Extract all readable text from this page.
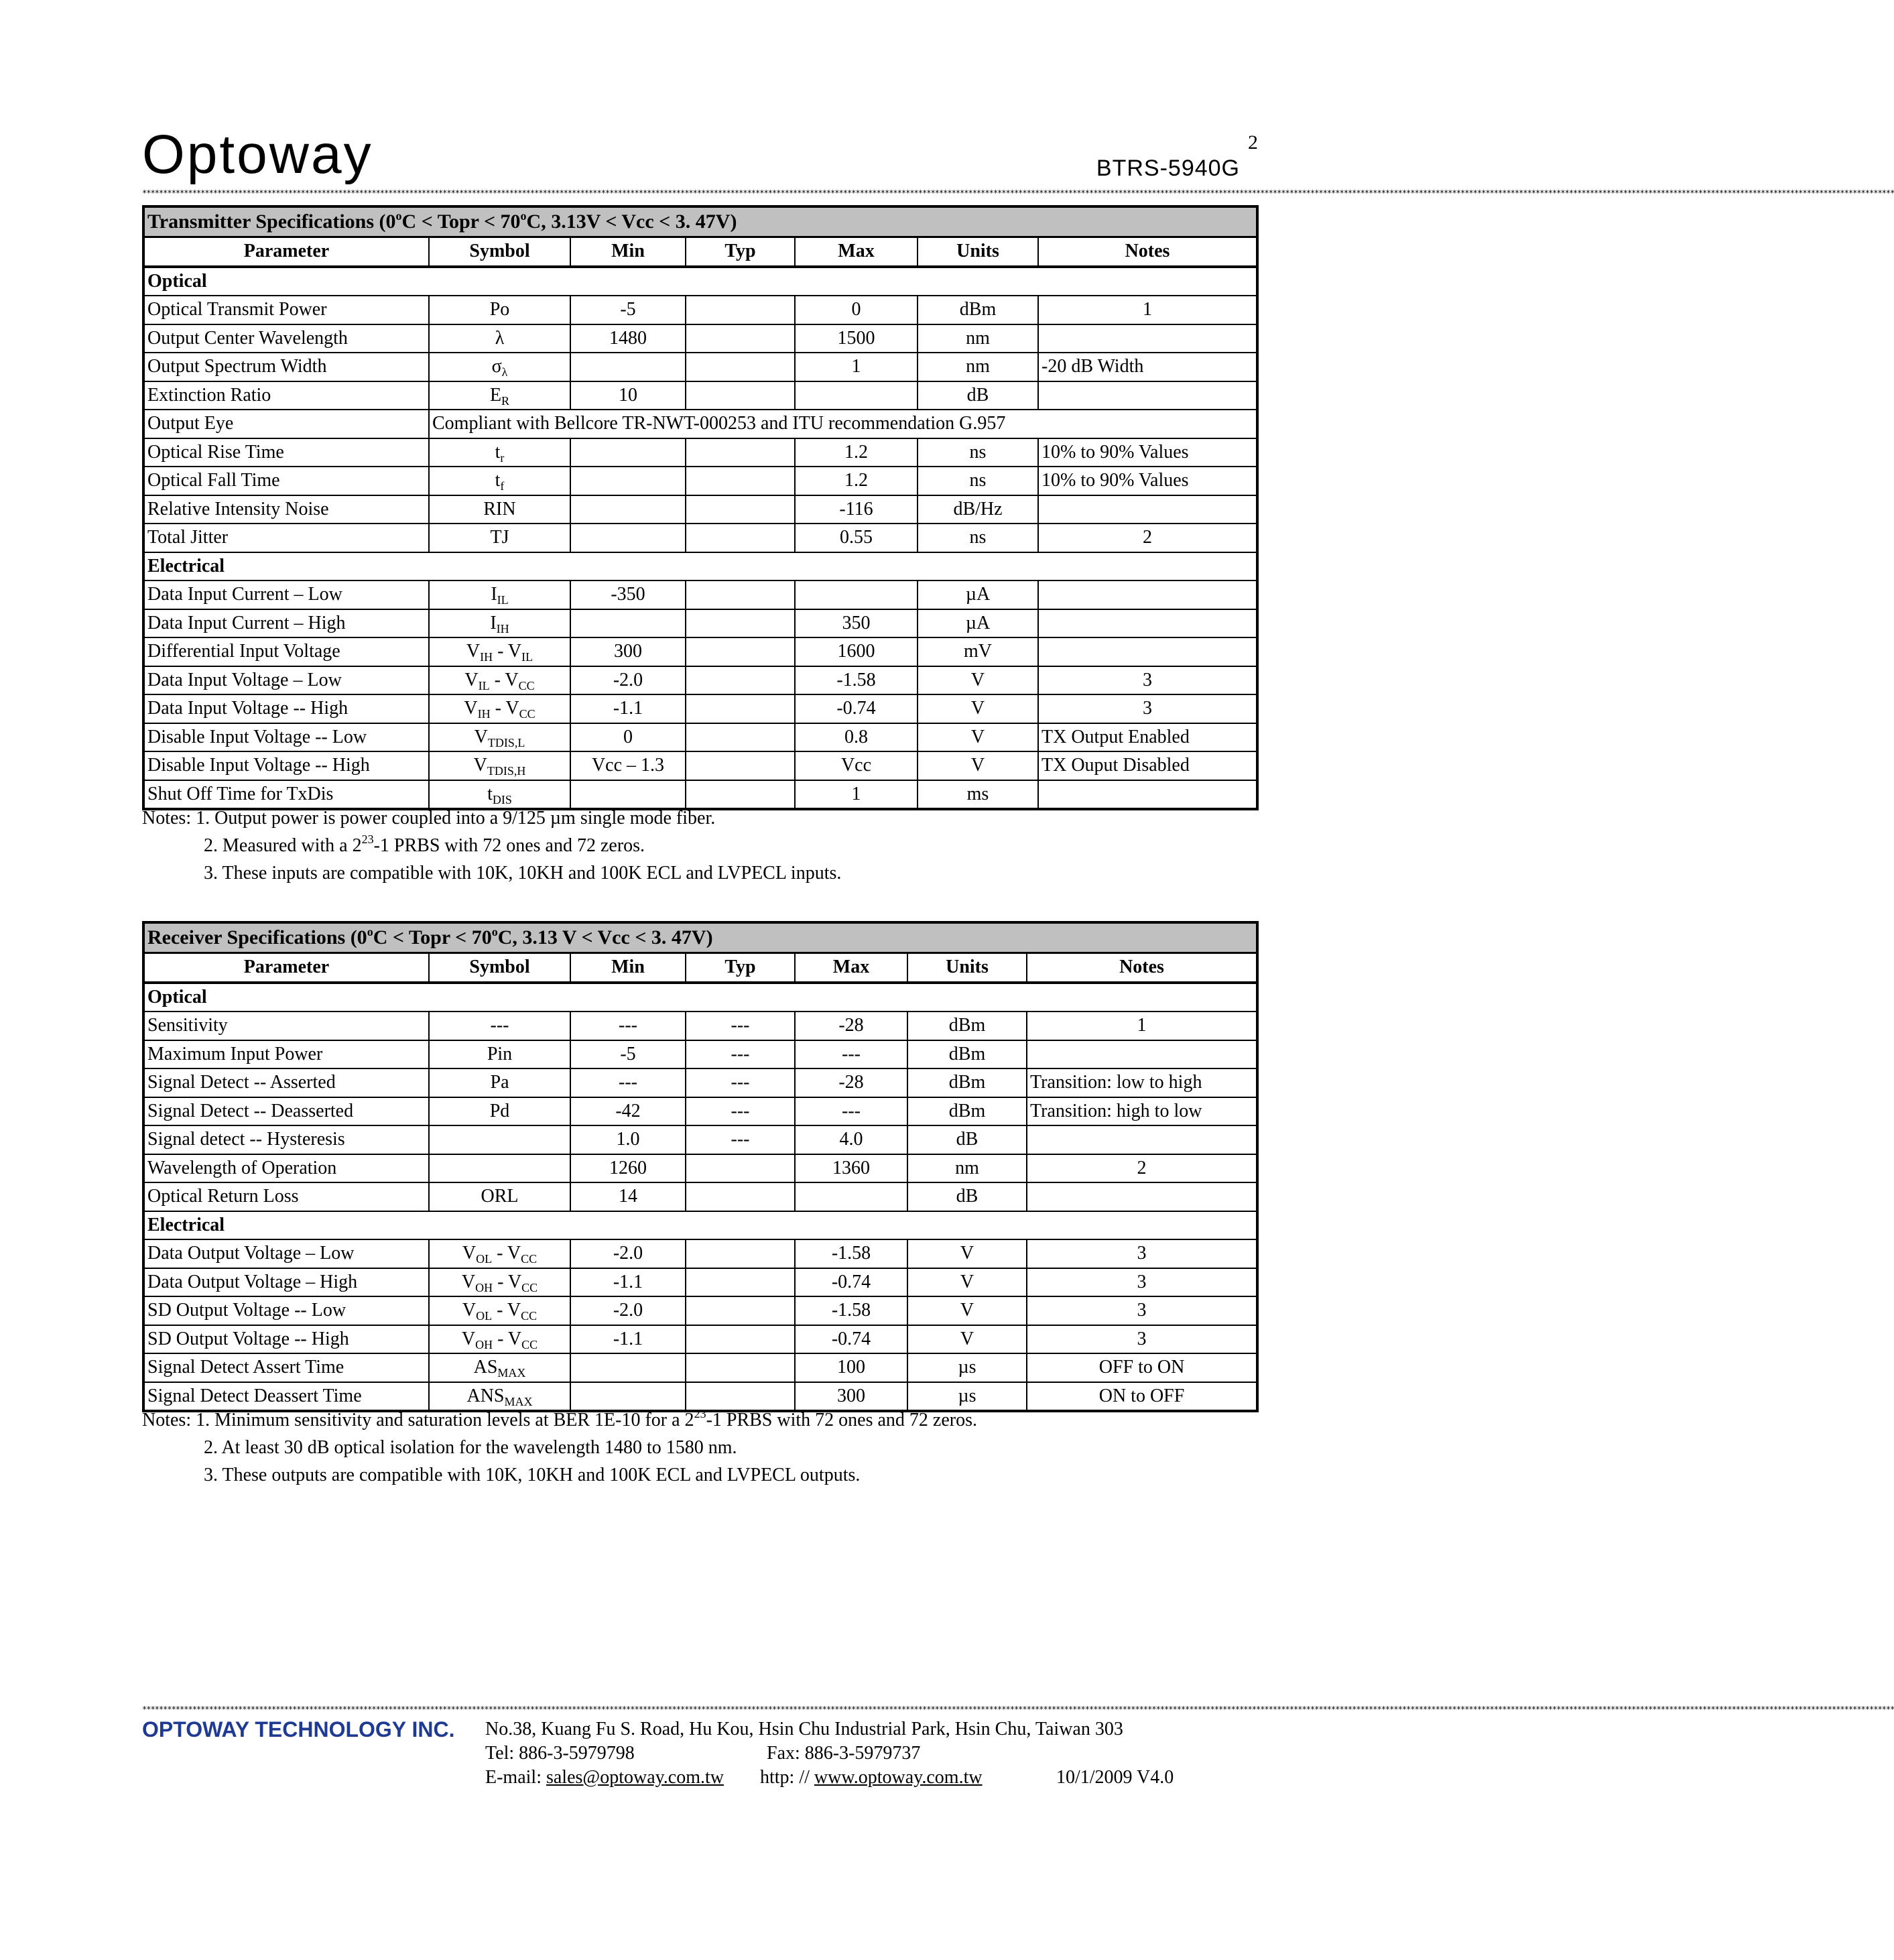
Optoway	2
BTRS-5940G
************************************************************************************************************************************************************************************************************************************************************************************************************************************************************************************************************************************
Transmitter Specifications ($0^oC$ < Topr < $70^oC$, 3.13V < Vcc < 3. 47V)						
Parameter	Symbol	Min	Typ	Max	Units	Notes
Optical						
Optical Transmit Power	Po	-5		0	dBm	1
Output Center Wavelength	λ	1480		1500	nm	
Output Spectrum Width	$\sigma_\lambda$			1	nm	-20 dB Width
Extinction Ratio	$E_R$	10			dB	
Output Eye	Compliant with Bellcore TR-NWT-000253 and ITU recommendation G.957					
Optical Rise Time	$t_r$			1.2	ns	10% to 90% Values
Optical Fall Time	$t_f$			1.2	ns	10% to 90% Values
Relative Intensity Noise	RIN			-116	dB/Hz	
Total Jitter	TJ			0.55	ns	2
Electrical						
Data Input Current – Low	$I_{IL}$	-350			µA	
Data Input Current – High	$I_{IH}$			350	µA	
Differential Input Voltage	$V_{IH} - V_{IL}$	300		1600	mV	
Data Input Voltage – Low	$V_{IL} - V_{CC}$	-2.0		-1.58	V	3
Data Input Voltage -- High	$V_{IH} - V_{CC}$	-1.1		-0.74	V	3
Disable Input Voltage -- Low	$V_{TDIS,L}$	0		0.8	V	TX Output Enabled
Disable Input Voltage -- High	$V_{TDIS,H}$	Vcc – 1.3		Vcc	V	TX Ouput Disabled
Shut Off Time for TxDis	$t_{DIS}$			1	ms	
Notes: 1. Output power is power coupled into a 9/125 µm single mode fiber.
2. Measured with a $2^{23}-1$ PRBS with 72 ones and 72 zeros.
3. These inputs are compatible with 10K, 10KH and 100K ECL and LVPECL inputs.
Receiver Specifications ($0^oC$ < Topr < $70^oC$, 3.13 V < Vcc < 3. 47V)						
Parameter	Symbol	Min	Typ	Max	Units	Notes
Optical						
Sensitivity	---	---	---	-28	dBm	1
Maximum Input Power	Pin	-5	---	---	dBm	
Signal Detect -- Asserted	Pa	---	---	-28	dBm	Transition: low to high
Signal Detect -- Deasserted	Pd	-42	---	---	dBm	Transition: high to low
Signal detect -- Hysteresis		1.0	---	4.0	dB	
Wavelength of Operation		1260		1360	nm	2
Optical Return Loss	ORL	14			dB	
Electrical						
Data Output Voltage – Low	$V_{OL} - V_{CC}$	-2.0		-1.58	V	3
Data Output Voltage – High	$V_{OH} - V_{CC}$	-1.1		-0.74	V	3
SD Output Voltage -- Low	$V_{OL} - V_{CC}$	-2.0		-1.58	V	3
SD Output Voltage -- High	$V_{OH} - V_{CC}$	-1.1		-0.74	V	3
Signal Detect Assert Time	$AS_{MAX}$			100	µs	OFF to ON
Signal Detect Deassert Time	$ANS_{MAX}$			300	µs	ON to OFF
Notes: 1. Minimum sensitivity and saturation levels at BER 1E-10 for a $2^{23}-1$ PRBS with 72 ones and 72 zeros.
2. At least 30 dB optical isolation for the wavelength 1480 to 1580 nm.
3. These outputs are compatible with 10K, 10KH and 100K ECL and LVPECL outputs.
************************************************************************************************************************************************************************************************************************************************************************************************************************************************************************************************************************************
OPTOWAY TECHNOLOGY INC. No.38, Kuang Fu S. Road, Hu Kou, Hsin Chu Industrial Park, Hsin Chu, Taiwan 303
Tel: 886-3-5979798	Fax: 886-3-5979737
E-mail: sales@optoway.com.tw http: // www.optoway.com.tw	10/1/2009 V4.0
